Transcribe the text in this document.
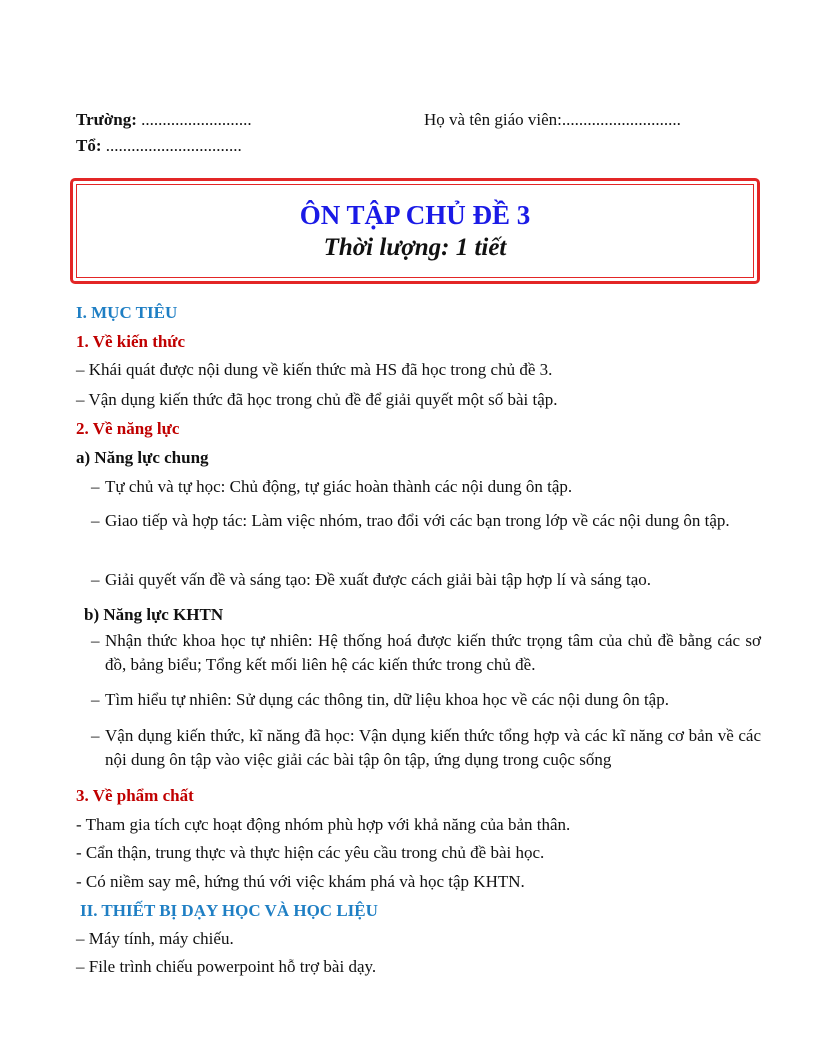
Trường: ..........................	Họ và tên giáo viên:............................
Tổ: ................................
ÔN TẬP CHỦ ĐỀ 3
Thời lượng: 1 tiết
I. MỤC TIÊU
1. Về kiến thức
– Khái quát được nội dung về kiến thức mà HS đã học trong chủ đề 3.
– Vận dụng kiến thức đã học trong chủ đề để giải quyết một số bài tập.
2. Về năng lực
a) Năng lực chung
– Tự chủ và tự học: Chủ động, tự giác hoàn thành các nội dung ôn tập.
– Giao tiếp và hợp tác: Làm việc nhóm, trao đổi với các bạn trong lớp về các nội dung ôn tập.
– Giải quyết vấn đề và sáng tạo: Đề xuất được cách giải bài tập hợp lí và sáng tạo.
b) Năng lực KHTN
– Nhận thức khoa học tự nhiên: Hệ thống hoá được kiến thức trọng tâm của chủ đề bằng các sơ đồ, bảng biểu; Tổng kết mối liên hệ các kiến thức trong chủ đề.
– Tìm hiểu tự nhiên: Sử dụng các thông tin, dữ liệu khoa học về các nội dung ôn tập.
– Vận dụng kiến thức, kĩ năng đã học: Vận dụng kiến thức tổng hợp và các kĩ năng cơ bản về các nội dung ôn tập vào việc giải các bài tập ôn tập, ứng dụng trong cuộc sống
3. Về phẩm chất
- Tham gia tích cực hoạt động nhóm phù hợp với khả năng của bản thân.
- Cẩn thận, trung thực và thực hiện các yêu cầu trong chủ đề bài học.
- Có niềm say mê, hứng thú với việc khám phá và học tập KHTN.
II. THIẾT BỊ DẠY HỌC VÀ HỌC LIỆU
– Máy tính, máy chiếu.
– File trình chiếu powerpoint hỗ trợ bài dạy.
